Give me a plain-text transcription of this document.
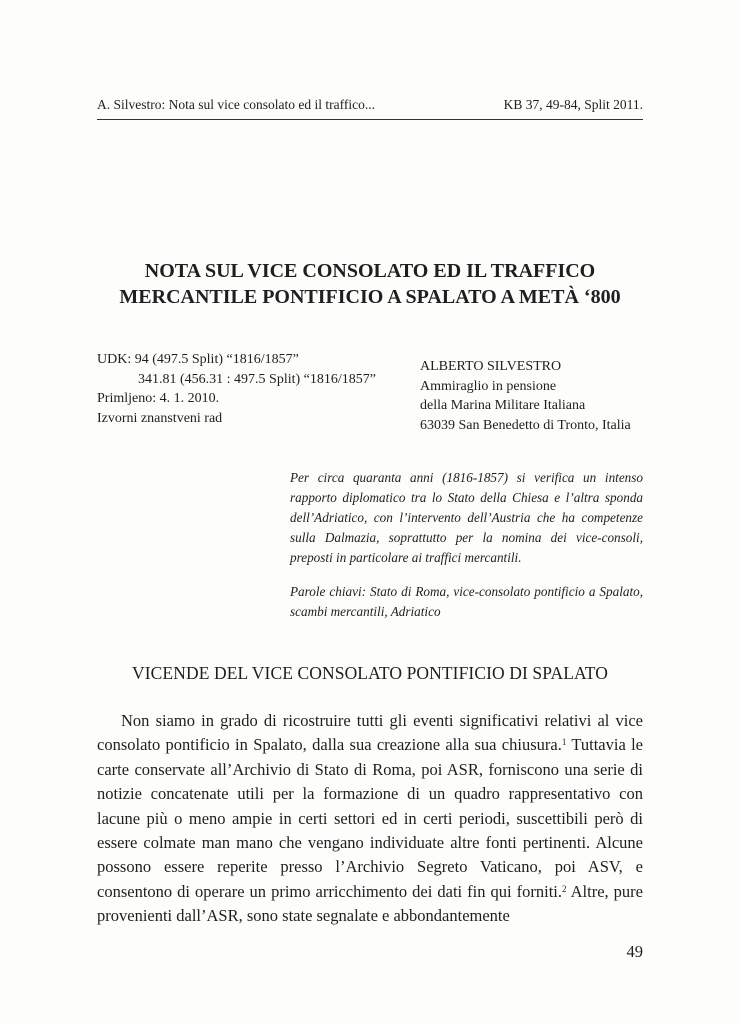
A. Silvestro: Nota sul vice consolato ed il traffico...	KB 37, 49-84, Split 2011.
NOTA SUL VICE CONSOLATO ED IL TRAFFICO
MERCANTILE PONTIFICIO A SPALATO A METÀ ‘800
UDK: 94 (497.5 Split) “1816/1857”
341.81 (456.31 : 497.5 Split) “1816/1857”
Primljeno: 4. 1. 2010.
Izvorni znanstveni rad
ALBERTO SILVESTRO
Ammiraglio in pensione
della Marina Militare Italiana
63039 San Benedetto di Tronto, Italia

Per circa quaranta anni (1816-1857) si verifica un intenso rapporto diplomatico tra lo Stato della Chiesa e l’altra sponda dell’Adriatico, con l’intervento dell’Austria che ha competenze sulla Dalmazia, soprattutto per la nomina dei vice-consoli, preposti in particolare ai traffici mercantili.

Parole chiavi: Stato di Roma, vice-consolato pontificio a Spalato, scambi mercantili, Adriatico

VICENDE DEL VICE CONSOLATO PONTIFICIO DI SPALATO

Non siamo in grado di ricostruire tutti gli eventi significativi relativi al vice consolato pontificio in Spalato, dalla sua creazione alla sua chiusura.$^1$ Tuttavia le carte conservate all’Archivio di Stato di Roma, poi ASR, forniscono una serie di notizie concatenate utili per la formazione di un quadro rappresentativo con lacune più o meno ampie in certi settori ed in certi periodi, suscettibili però di essere colmate man mano che vengano individuate altre fonti pertinenti. Alcune possono essere reperite presso l’Archivio Segreto Vaticano, poi ASV, e consentono di operare un primo arricchimento dei dati fin qui forniti.$^2$ Altre, pure provenienti dall’ASR, sono state segnalate e abbondantemente

49
